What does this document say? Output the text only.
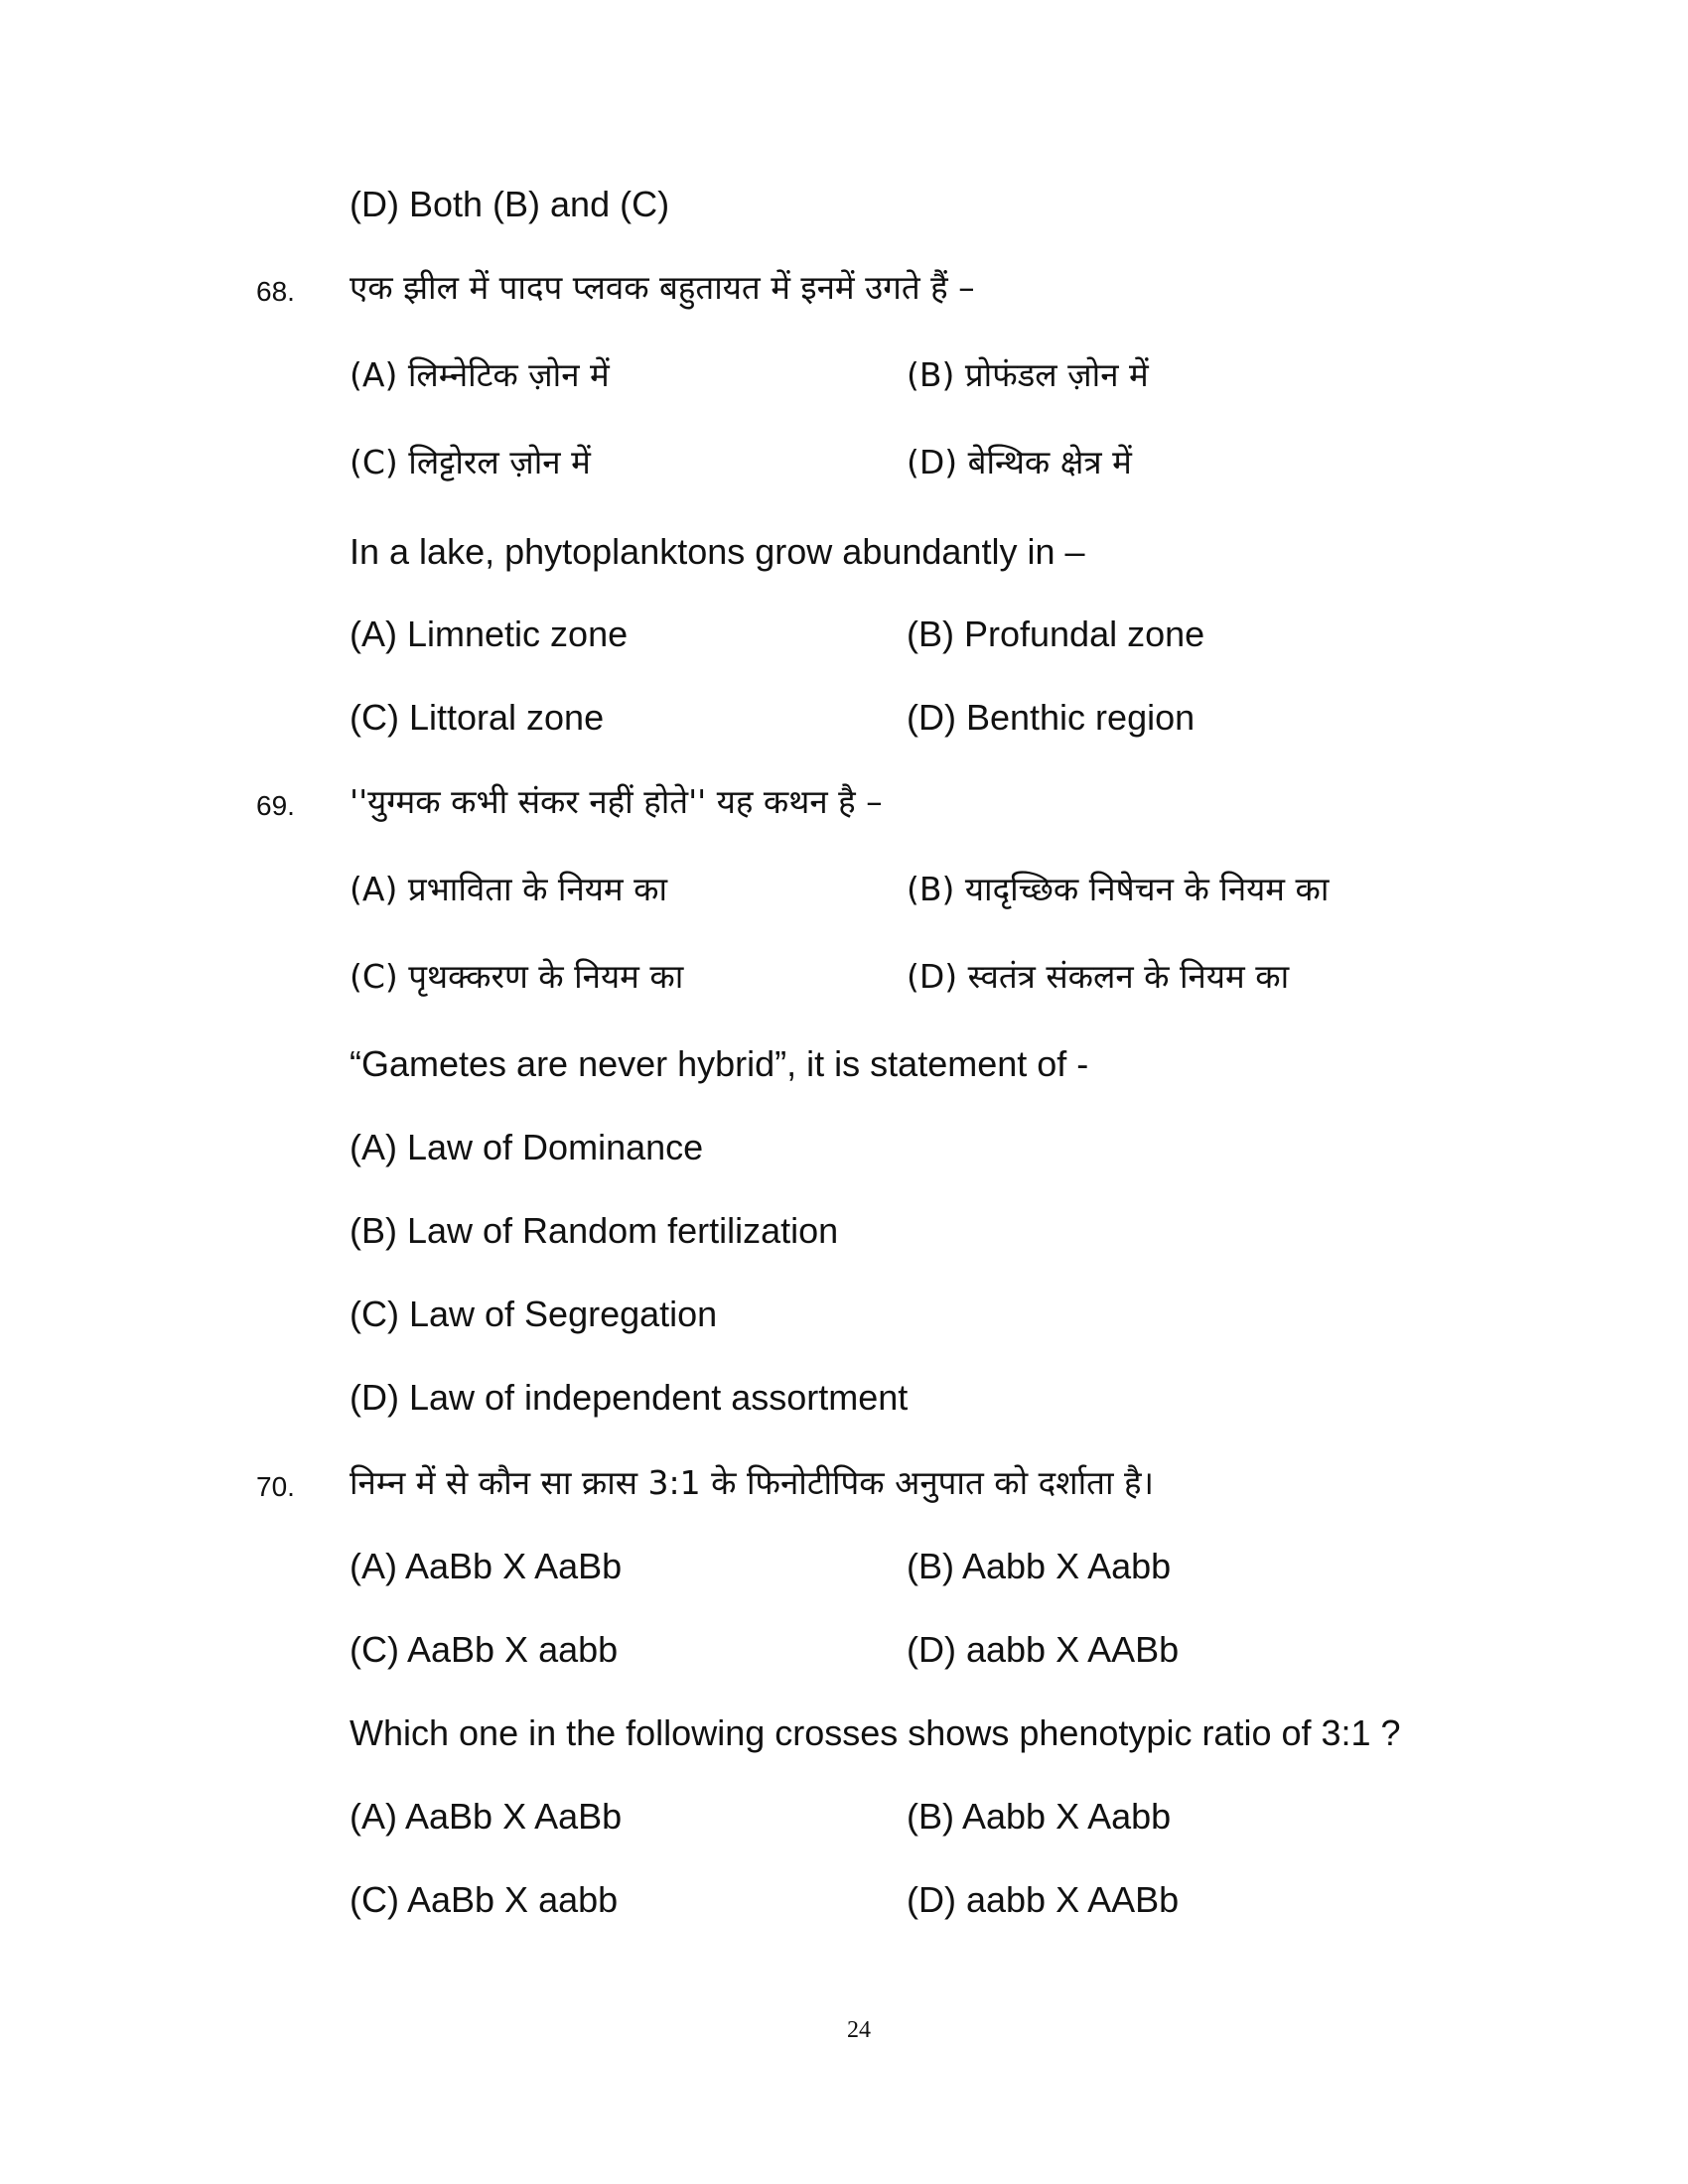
(D) Both (B) and (C)
68. एक झील में पादप प्लवक बहुतायत में इनमें उगते हैं –
(A) लिम्नेटिक ज़ोन में	(B) प्रोफंडल ज़ोन में
(C) लिट्टोरल ज़ोन में	(D) बेन्थिक क्षेत्र में
In a lake, phytoplanktons grow abundantly in –
(A) Limnetic zone	(B) Profundal zone
(C) Littoral zone	(D) Benthic region
69. ''युग्मक कभी संकर नहीं होते'' यह कथन है –
(A) प्रभाविता के नियम का	(B) यादृच्छिक निषेचन के नियम का
(C) पृथक्करण के नियम का	(D) स्वतंत्र संकलन के नियम का
“Gametes are never hybrid”, it is statement of -
(A) Law of Dominance
(B) Law of Random fertilization
(C) Law of Segregation
(D) Law of independent assortment
70. निम्न में से कौन सा क्रास 3:1 के फिनोटीपिक अनुपात को दर्शाता है।
(A) AaBb X AaBb	(B) Aabb X Aabb
(C) AaBb X aabb	(D) aabb X AABb
Which one in the following crosses shows phenotypic ratio of 3:1 ?
(A) AaBb X AaBb	(B) Aabb X Aabb
(C) AaBb X aabb	(D) aabb X AABb
24
